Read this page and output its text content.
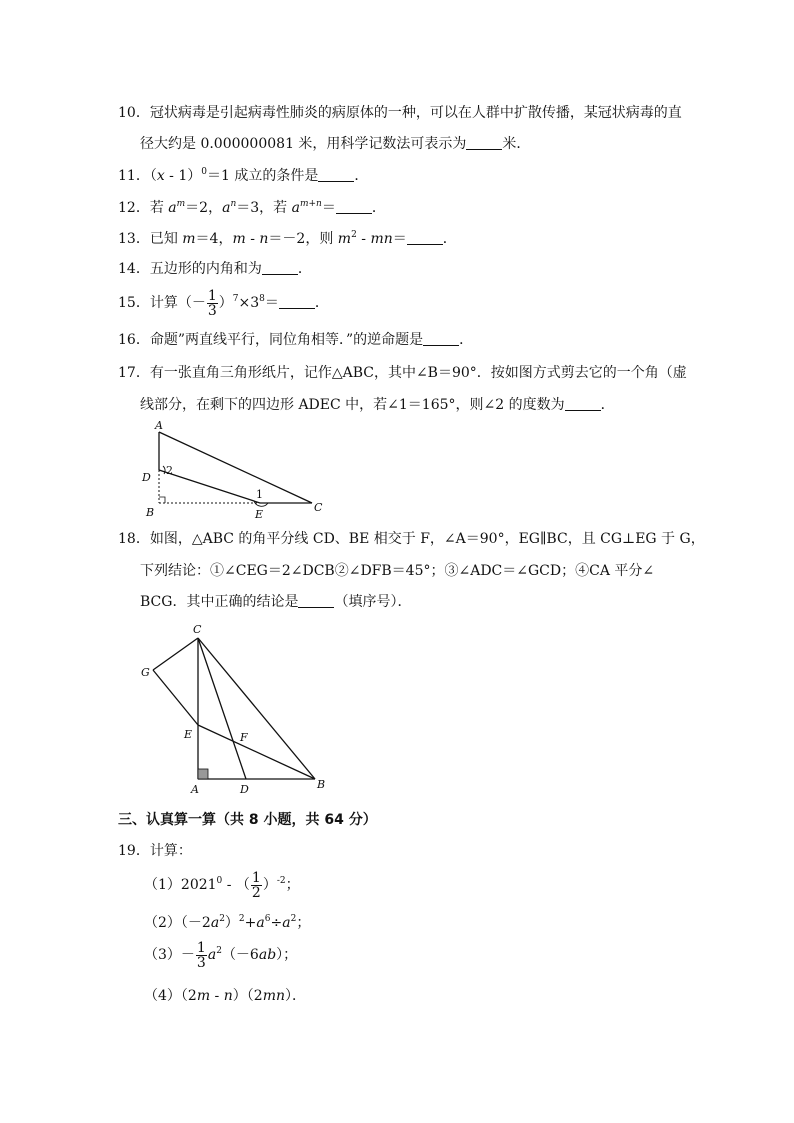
10．冠状病毒是引起病毒性肺炎的病原体的一种，可以在人群中扩散传播，某冠状病毒的直
径大约是 0.000000081 米，用科学记数法可表示为	米．
11．（x - 1）$^0$＝1 成立的条件是	．
12．若 $a^m=2$，$a^n=3$，若 $a^{m+n}=$	．
13．已知 m＝4，m - n＝－2，则 $m^2 - mn=$	．
14．五边形的内角和为	．
15．计算（－ $\frac{1}{3} )^7\times 3^8=$	．
16．命题”两直线平行，同位角相等．”的逆命题是	．
17．有一张直角三角形纸片，记作△ABC，其中∠B＝90°．按如图方式剪去它的一个角（虚
线部分，在剩下的四边形 ADEC 中，若∠1＝165°，则∠2 的度数为	．
A
D
2
B
1
E
C
18．如图，△ABC 的角平分线 CD、BE 相交于 F，∠A＝90°，EG∥BC，且 CG⊥EG 于 G，
下列结论：①∠CEG＝2∠DCB②∠DFB＝45°；③∠ADC＝∠GCD；④CA 平分∠
BCG．其中正确的结论是	（填序号）．
C
G
E	F
A	D	B
三、认真算一算（共 8 小题，共 64 分）
19．计算：
（1）2021$^0$ - （ $\frac{1}{2} )^{-2}$；
$(2)(-2a^2)^2+a^6\div a^2$；
$(3)- \frac{1}{3} a^2(-6ab)$；
（4）（2m - n）（2mn）．
